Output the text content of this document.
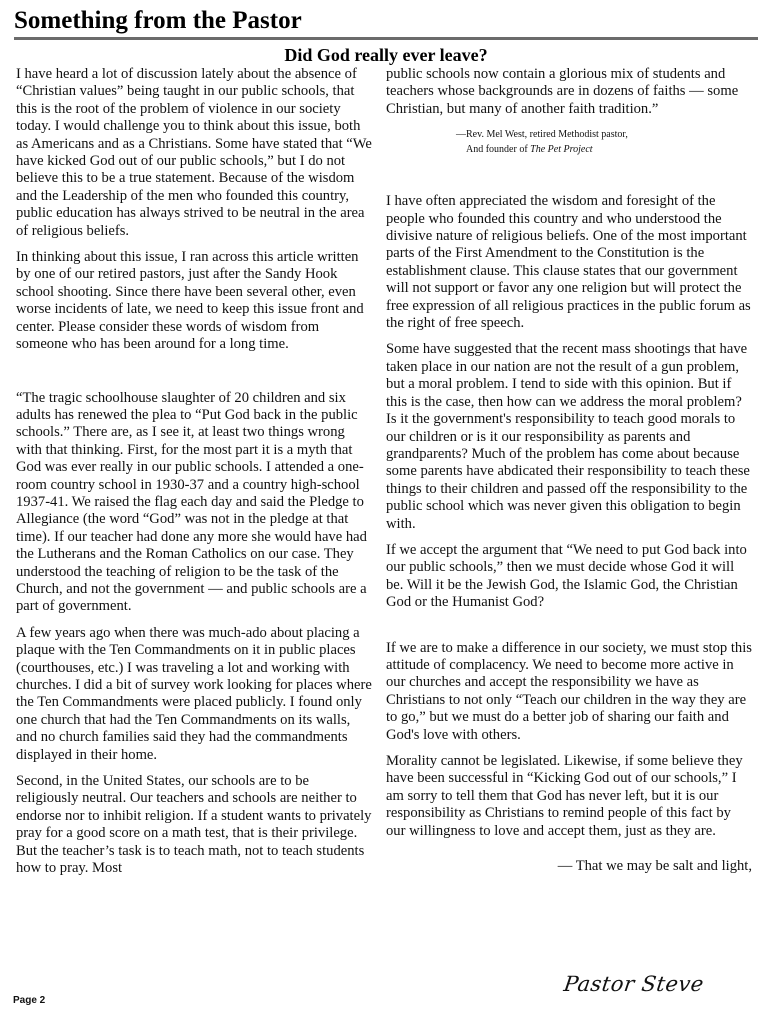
Something from the Pastor
Did God really ever leave?

I have heard a lot of discussion lately about the absence of “Christian values” being taught in our public schools, that this is the root of the problem of violence in our society today. I would challenge you to think about this issue, both as Americans and as a Christians. Some have stated that “We have kicked God out of our public schools,” but I do not believe this to be a true statement. Because of the wisdom and the Leadership of the men who founded this country, public education has always strived to be neutral in the area of religious beliefs.

In thinking about this issue, I ran across this article written by one of our retired pastors, just after the Sandy Hook school shooting. Since there have been several other, even worse incidents of late, we need to keep this issue front and center. Please consider these words of wisdom from someone who has been around for a long time.

“The tragic schoolhouse slaughter of 20 children and six adults has renewed the plea to “Put God back in the public schools.” There are, as I see it, at least two things wrong with that thinking. First, for the most part it is a myth that God was ever really in our public schools. I attended a one-room country school in 1930-37 and a country high-school 1937-41. We raised the flag each day and said the Pledge to Allegiance (the word “God” was not in the pledge at that time). If our teacher had done any more she would have had the Lutherans and the Roman Catholics on our case. They understood the teaching of religion to be the task of the Church, and not the government — and public schools are a part of government.

A few years ago when there was much-ado about placing a plaque with the Ten Commandments on it in public places (courthouses, etc.) I was traveling a lot and working with churches. I did a bit of survey work looking for places where the Ten Commandments were placed publicly. I found only one church that had the Ten Commandments on its walls, and no church families said they had the commandments displayed in their home.

Second, in the United States, our schools are to be religiously neutral. Our teachers and schools are neither to endorse nor to inhibit religion. If a student wants to privately pray for a good score on a math test, that is their privilege. But the teacher’s task is to teach math, not to teach students how to pray. Most

public schools now contain a glorious mix of students and teachers whose backgrounds are in dozens of faiths — some Christian, but many of another faith tradition.”

—Rev. Mel West, retired Methodist pastor,
And founder of The Pet Project

I have often appreciated the wisdom and foresight of the people who founded this country and who understood the divisive nature of religious beliefs. One of the most important parts of the First Amendment to the Constitution is the establishment clause. This clause states that our government will not support or favor any one religion but will protect the free expression of all religious practices in the public forum as the right of free speech.

Some have suggested that the recent mass shootings that have taken place in our nation are not the result of a gun problem, but a moral problem. I tend to side with this opinion. But if this is the case, then how can we address the moral problem? Is it the government's responsibility to teach good morals to our children or is it our responsibility as parents and grandparents? Much of the problem has come about because some parents have abdicated their responsibility to teach these things to their children and passed off the responsibility to the public school which was never given this obligation to begin with.

If we accept the argument that “We need to put God back into our public schools,” then we must decide whose God it will be. Will it be the Jewish God, the Islamic God, the Christian God or the Humanist God?

If we are to make a difference in our society, we must stop this attitude of complacency. We need to become more active in our churches and accept the responsibility we have as Christians to not only “Teach our children in the way they are to go,” but we must do a better job of sharing our faith and God's love with others.

Morality cannot be legislated. Likewise, if some believe they have been successful in “Kicking God out of our schools,” I am sorry to tell them that God has never left, but it is our responsibility as Christians to remind people of this fact by our willingness to love and accept them, just as they are.

— That we may be salt and light,
Pastor Steve
Page 2
